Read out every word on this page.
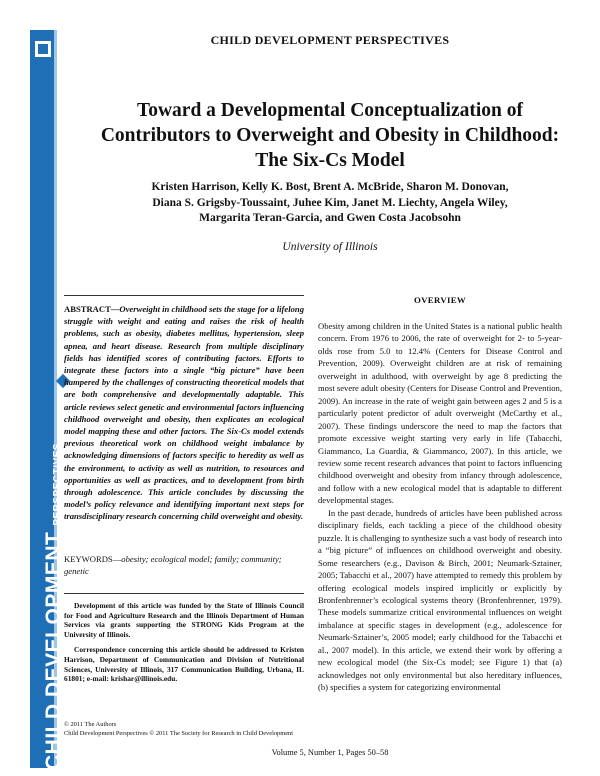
CHILD DEVELOPMENTPERSPECTIVES
CHILD DEVELOPMENT PERSPECTIVES
Toward a Developmental Conceptualization of
Contributors to Overweight and Obesity in Childhood:
The Six-Cs Model
Kristen Harrison, Kelly K. Bost, Brent A. McBride, Sharon M. Donovan,
Diana S. Grigsby-Toussaint, Juhee Kim, Janet M. Liechty, Angela Wiley,
Margarita Teran-Garcia, and Gwen Costa Jacobsohn
University of Illinois
ABSTRACT—Overweight in childhood sets the stage for a lifelong struggle with weight and eating and raises the risk of health problems, such as obesity, diabetes mellitus, hypertension, sleep apnea, and heart disease. Research from multiple disciplinary fields has identified scores of contributing factors. Efforts to integrate these factors into a single “big picture” have been hampered by the challenges of constructing theoretical models that are both comprehensive and developmentally adaptable. This article reviews select genetic and environmental factors influencing childhood overweight and obesity, then explicates an ecological model mapping these and other factors. The Six-Cs model extends previous theoretical work on childhood weight imbalance by acknowledging dimensions of factors specific to heredity as well as the environment, to activity as well as nutrition, to resources and opportunities as well as practices, and to development from birth through adolescence. This article concludes by discussing the model’s policy relevance and identifying important next steps for transdisciplinary research concerning child overweight and obesity.
KEYWORDS—obesity; ecological model; family; community; genetic

Development of this article was funded by the State of Illinois Council for Food and Agriculture Research and the Illinois Department of Human Services via grants supporting the STRONG Kids Program at the University of Illinois.

Correspondence concerning this article should be addressed to Kristen Harrison, Department of Communication and Division of Nutritional Sciences, University of Illinois, 317 Communication Building, Urbana, IL 61801; e-mail: krishar@illinois.edu.

© 2011 The Authors
Child Development Perspectives © 2011 The Society for Research in Child Development
OVERVIEW

Obesity among children in the United States is a national public health concern. From 1976 to 2006, the rate of overweight for 2- to 5-year-olds rose from 5.0 to 12.4% (Centers for Disease Control and Prevention, 2009). Overweight children are at risk of remaining overweight in adulthood, with overweight by age 8 predicting the most severe adult obesity (Centers for Disease Control and Prevention, 2009). An increase in the rate of weight gain between ages 2 and 5 is a particularly potent predictor of adult overweight (McCarthy et al., 2007). These findings underscore the need to map the factors that promote excessive weight starting very early in life (Tabacchi, Giammanco, La Guardia, & Giammanco, 2007). In this article, we review some recent research advances that point to factors influencing childhood overweight and obesity from infancy through adolescence, and follow with a new ecological model that is adaptable to different developmental stages.

In the past decade, hundreds of articles have been published across disciplinary fields, each tackling a piece of the childhood obesity puzzle. It is challenging to synthesize such a vast body of research into a “big picture” of influences on childhood overweight and obesity. Some researchers (e.g., Davison & Birch, 2001; Neumark-Sztainer, 2005; Tabacchi et al., 2007) have attempted to remedy this problem by offering ecological models inspired implicitly or explicitly by Bronfenbrenner’s ecological systems theory (Bronfenbrenner, 1979). These models summarize critical environmental influences on weight imbalance at specific stages in development (e.g., adolescence for Neumark-Sztainer’s, 2005 model; early childhood for the Tabacchi et al., 2007 model). In this article, we extend their work by offering a new ecological model (the Six-Cs model; see Figure 1) that (a) acknowledges not only environmental but also hereditary influences, (b) specifies a system for categorizing environmental

Volume 5, Number 1, Pages 50–58
